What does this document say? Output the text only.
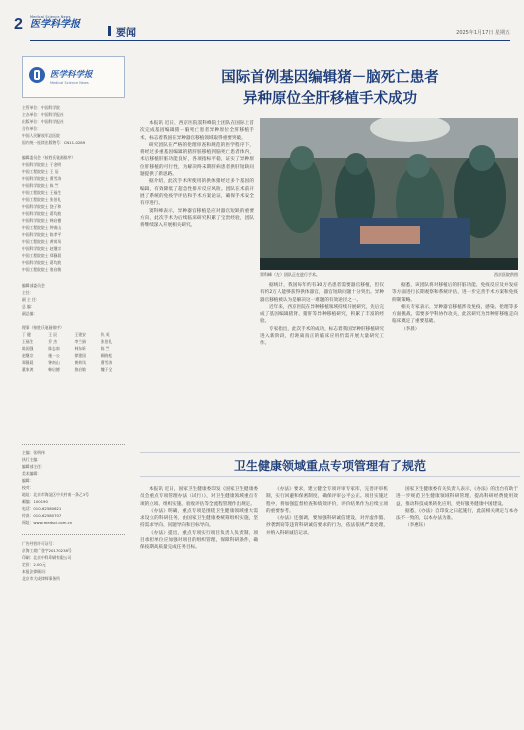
2 Medical Science News
医学科学报
要闻	2025年1月17日 星期五
医学科学报
Medical Science News
主管单位：中国科学院
主办单位：中国科学报社
出版单位：中国科学报社
合作单位：
中国人民解放军总医院
国内统一连续出版物号：CN11-0289
编辑委员会（按姓氏笔画排序）
中国科学院院士 于金明
中国工程院院士 王 辰
中国科学院院士 曹雪涛
中国科学院院士 陈 竺
中国工程院院士 王福生
中国工程院院士 张伯礼
中国科学院院士 饶子和
中国科学院院士 葛均波
中国科学院院士 韩启德
中国工程院院士 钟南山
中国科学院院士 陈孝平
中国工程院院士 黄荷凤
中国科学院院士 赵继宗
中国工程院院士 郑静晨
中国科学院院士 葛均波
中国工程院院士 詹启敏
编辑部委员会
主任：
副 主 任：
总 编：
副总编：
理事（按姓氏笔画排序）
丁 健	王 辰	王建安	仇 英
王福生	乔 杰	李兰娟	张伯礼
陈国强	陈志南	林东昕	陈 竺
赵继宗	施一公	徐建国	顾晓松
郑静晨	钟南山	黄荷凤	曹雪涛
董家鸿	韩启德	詹启敏	魏于全
主编：张明伟
执行主编：
编辑部主任：
美术编辑：
编辑：
校对：
地址：北京市海淀区中关村南一条乙3号
邮编：100190
电话：010-62580621
传真：010-62580707
网址：www.medsci.com.cn
广告经营许可证号：
京海工商广登字20170236号
印刷：北京中科印刷有限公司
定价：2.00元
本报法律顾问：
北京市大成律师事务所
国际首例基因编辑猪－脑死亡患者
异种原位全肝移植手术成功

本报讯 近日，西京医院窦科峰院士团队在国际上首次完成基因编辑猪－脑死亡患者异种原位全肝移植手术，标志着我国在异种器官移植领域取得重要突破。

研究团队在严格的伦理审查和规范的医学程序下，将经过多重基因编辑的猪肝脏移植到脑死亡患者体内，术后移植肝脏功能良好，各项指标平稳，证实了异种原位肝移植的可行性，为解决终末期肝病患者供肝短缺问题提供了新思路。

据介绍，此次手术所使用的供体猪经过多个基因的编辑，有效降低了超急性排斥反应风险。团队在术前开展了系统的免疫学评估和手术方案论证，确保手术安全有序进行。

窦科峰表示，异种器官移植是应对器官短缺的重要方向，此次手术为后续临床研究积累了宝贵经验，团队将继续深入开展相关研究。

窦科峰（左）团队正在进行手术。	西京医院供图

据统计，我国每年约有30万名患者需要器官移植，但仅有约2万人能够获得供体器官，器官短缺问题十分突出。异种器官移植被认为是解决这一难题的有效途径之一。

近年来，西京医院在异种移植领域持续开展研究，先后完成了基因编辑猪肾、猪肝等异种移植研究，积累了丰富的经验。

专家指出，此次手术的成功，标志着我国异种肝移植研究进入新阶段，但距离真正的临床应用仍需开展大量研究工作。

据悉，该团队将对移植后的肝脏功能、免疫反应及并发症等方面进行长期观察和系统评估，进一步完善手术方案和免疫抑制策略。

相关专家表示，异种器官移植涉及免疫、感染、伦理等多方面挑战，需要多学科协作攻关，此次研究为异种肝移植走向临床奠定了重要基础。

（李晨）

卫生健康领域重点专项管理有了规范

本报讯 近日，国家卫生健康委印发《国家卫生健康委员会重点专项管理办法（试行）》，对卫生健康领域重点专项的立项、组织实施、验收评估等全流程管理作出规定。

《办法》明确，重点专项是围绕卫生健康领域重大需求设立的科研任务，由国家卫生健康委统筹组织实施，坚持需求导向、问题导向和目标导向。

《办法》提出，重点专项实行项目负责人负责制，项目承担单位应加强对项目的组织管理，保障科研条件，确保按期高质量完成任务目标。

《办法》要求，建立健全专项评审专家库，完善评审机制，实行回避和保密制度，确保评审公平公正。项目实施过程中，将加强监督检查和绩效评价，评价结果作为后续立项的重要参考。

《办法》还强调，要加强科研诚信建设，对弄虚作假、抄袭剽窃等违背科研诚信要求的行为，依法依规严肃处理，并纳入科研诚信记录。

国家卫生健康委有关负责人表示，《办法》的出台有助于进一步规范卫生健康领域科研管理，提高科研经费使用效益，推动科技成果转化应用，更好服务健康中国建设。

据悉，《办法》自印发之日起施行，此前相关规定与本办法不一致的，以本办法为准。

（李惠钰）
